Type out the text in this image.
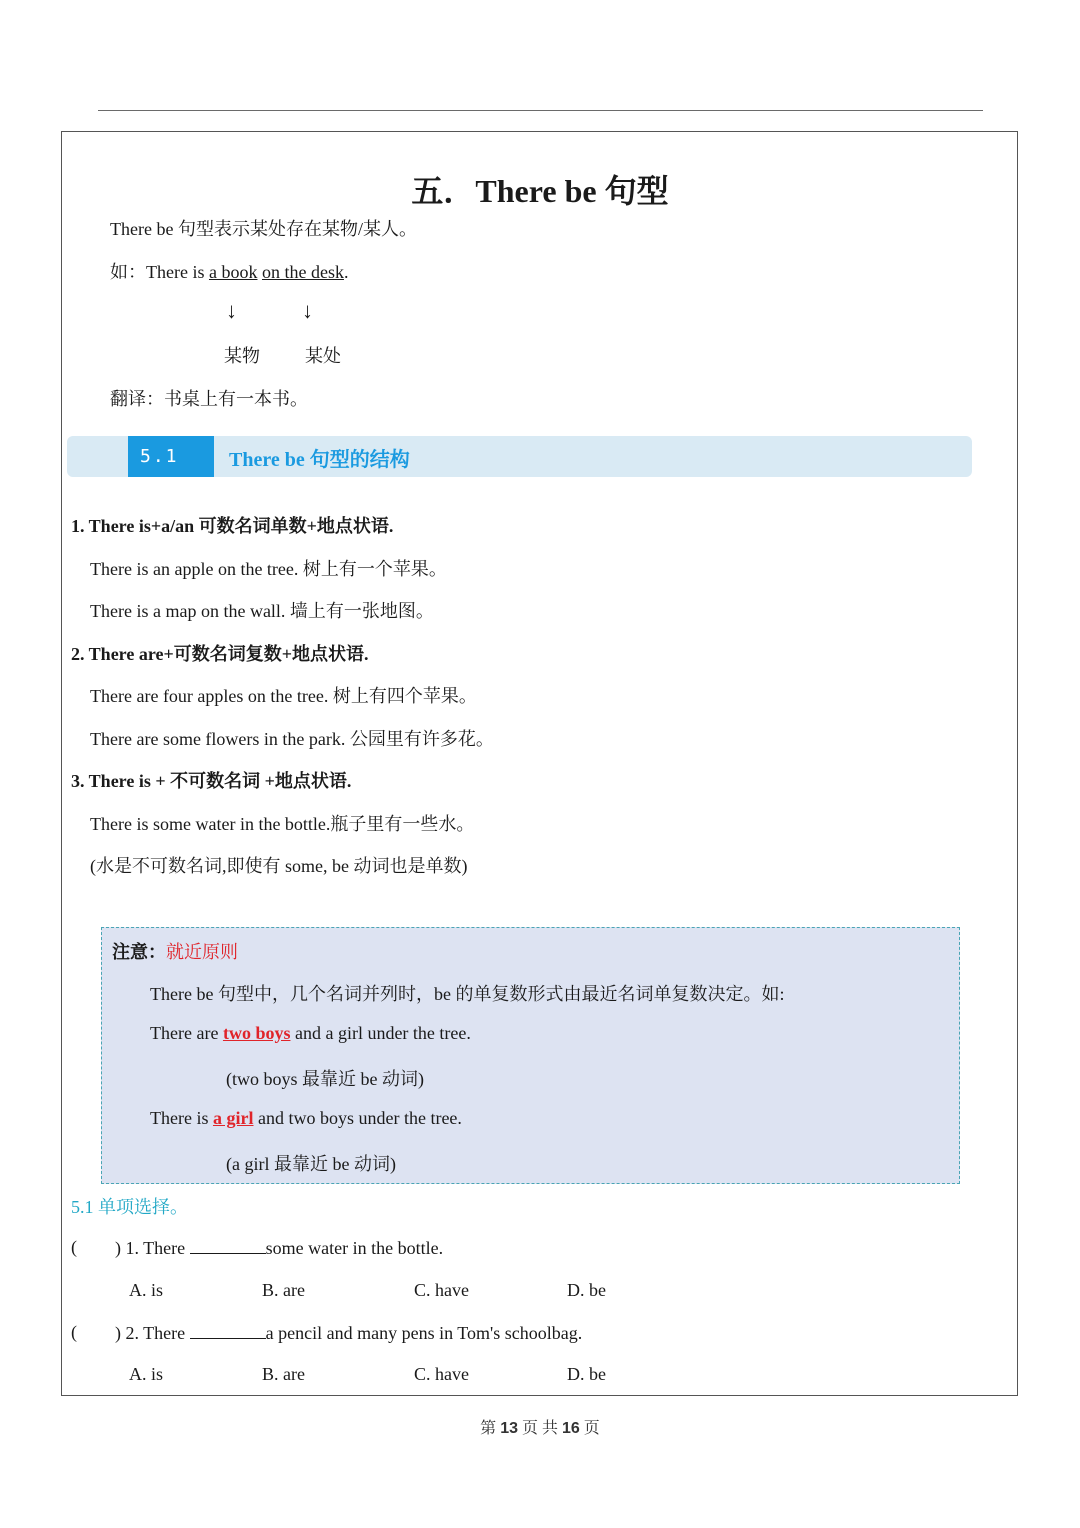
五．There be 句型
There be 句型表示某处存在某物/某人。
如：There is a book on the desk.
↓	↓
某物	某处
翻译：书桌上有一本书。
5.1	There be 句型的结构
1. There is+a/an 可数名词单数+地点状语.
There is an apple on the tree. 树上有一个苹果。
There is a map on the wall. 墙上有一张地图。
2. There are+可数名词复数+地点状语.
There are four apples on the tree. 树上有四个苹果。
There are some flowers in the park. 公园里有许多花。
3. There is + 不可数名词 +地点状语.
There is some water in the bottle.瓶子里有一些水。
(水是不可数名词,即使有 some, be 动词也是单数)
注意：就近原则
There be 句型中，几个名词并列时，be 的单复数形式由最近名词单复数决定。如:
There are two boys and a girl under the tree.
(two boys 最靠近 be 动词)
There is a girl and two boys under the tree.
(a girl 最靠近 be 动词)
5.1 单项选择。
( ) 1. There	some water in the bottle.
A. is	B. are	C. have	D. be
( ) 2. There	a pencil and many pens in Tom's schoolbag.
A. is	B. are	C. have	D. be
第 13 页 共 16 页
